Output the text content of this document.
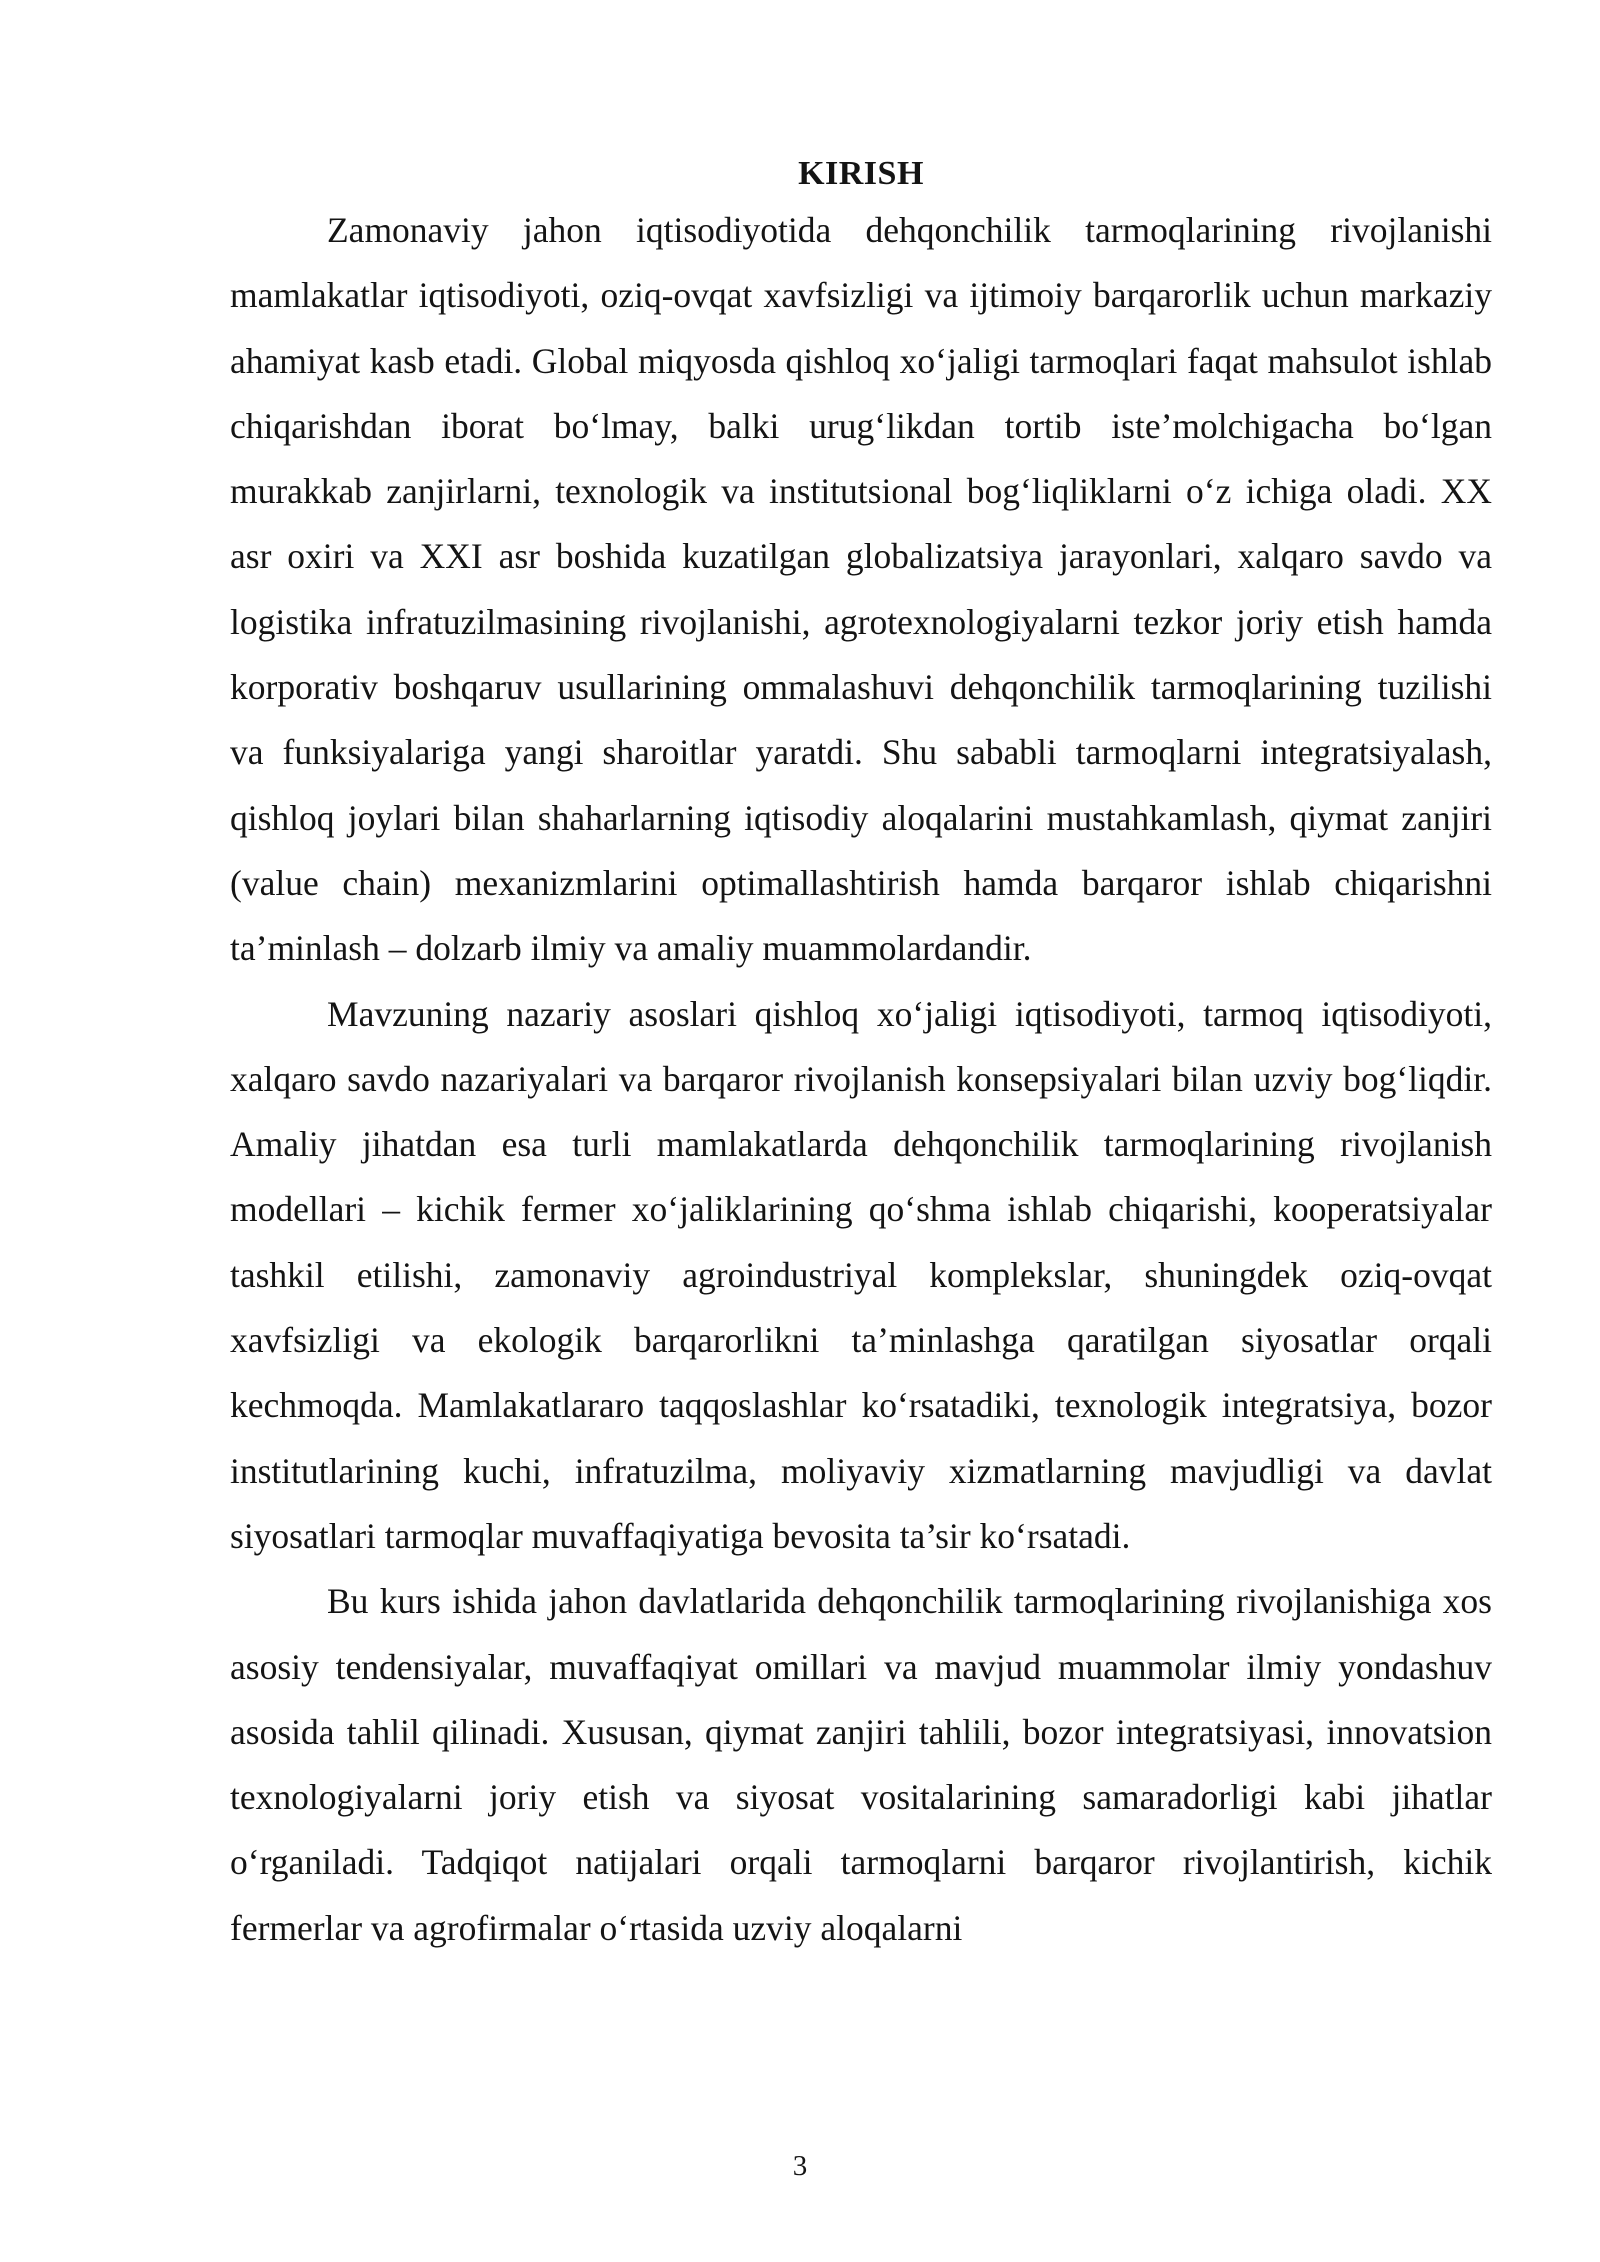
KIRISH

Zamonaviy jahon iqtisodiyotida dehqonchilik tarmoqlarining rivojlanishi mamlakatlar iqtisodiyoti, oziq-ovqat xavfsizligi va ijtimoiy barqarorlik uchun markaziy ahamiyat kasb etadi. Global miqyosda qishloq xo‘jaligi tarmoqlari faqat mahsulot ishlab chiqarishdan iborat bo‘lmay, balki urug‘likdan tortib iste’molchigacha bo‘lgan murakkab zanjirlarni, texnologik va institutsional bog‘liqliklarni o‘z ichiga oladi. XX asr oxiri va XXI asr boshida kuzatilgan globalizatsiya jarayonlari, xalqaro savdo va logistika infratuzilmasining rivojlanishi, agrotexnologiyalarni tezkor joriy etish hamda korporativ boshqaruv usullarining ommalashuvi dehqonchilik tarmoqlarining tuzilishi va funksiyalariga yangi sharoitlar yaratdi. Shu sababli tarmoqlarni integratsiyalash, qishloq joylari bilan shaharlarning iqtisodiy aloqalarini mustahkamlash, qiymat zanjiri (value chain) mexanizmlarini optimallashtirish hamda barqaror ishlab chiqarishni ta’minlash – dolzarb ilmiy va amaliy muammolardandir.

Mavzuning nazariy asoslari qishloq xo‘jaligi iqtisodiyoti, tarmoq iqtisodiyoti, xalqaro savdo nazariyalari va barqaror rivojlanish konsepsiyalari bilan uzviy bog‘liqdir. Amaliy jihatdan esa turli mamlakatlarda dehqonchilik tarmoqlarining rivojlanish modellari – kichik fermer xo‘jaliklarining qo‘shma ishlab chiqarishi, kooperatsiyalar tashkil etilishi, zamonaviy agroindustriyal komplekslar, shuningdek oziq-ovqat xavfsizligi va ekologik barqarorlikni ta’minlashga qaratilgan siyosatlar orqali kechmoqda. Mamlakatlararo taqqoslashlar ko‘rsatadiki, texnologik integratsiya, bozor institutlarining kuchi, infratuzilma, moliyaviy xizmatlarning mavjudligi va davlat siyosatlari tarmoqlar muvaffaqiyatiga bevosita ta’sir ko‘rsatadi.

Bu kurs ishida jahon davlatlarida dehqonchilik tarmoqlarining rivojlanishiga xos asosiy tendensiyalar, muvaffaqiyat omillari va mavjud muammolar ilmiy yondashuv asosida tahlil qilinadi. Xususan, qiymat zanjiri tahlili, bozor integratsiyasi, innovatsion texnologiyalarni joriy etish va siyosat vositalarining samaradorligi kabi jihatlar o‘rganiladi. Tadqiqot natijalari orqali tarmoqlarni barqaror rivojlantirish, kichik fermerlar va agrofirmalar o‘rtasida uzviy aloqalarni

3
